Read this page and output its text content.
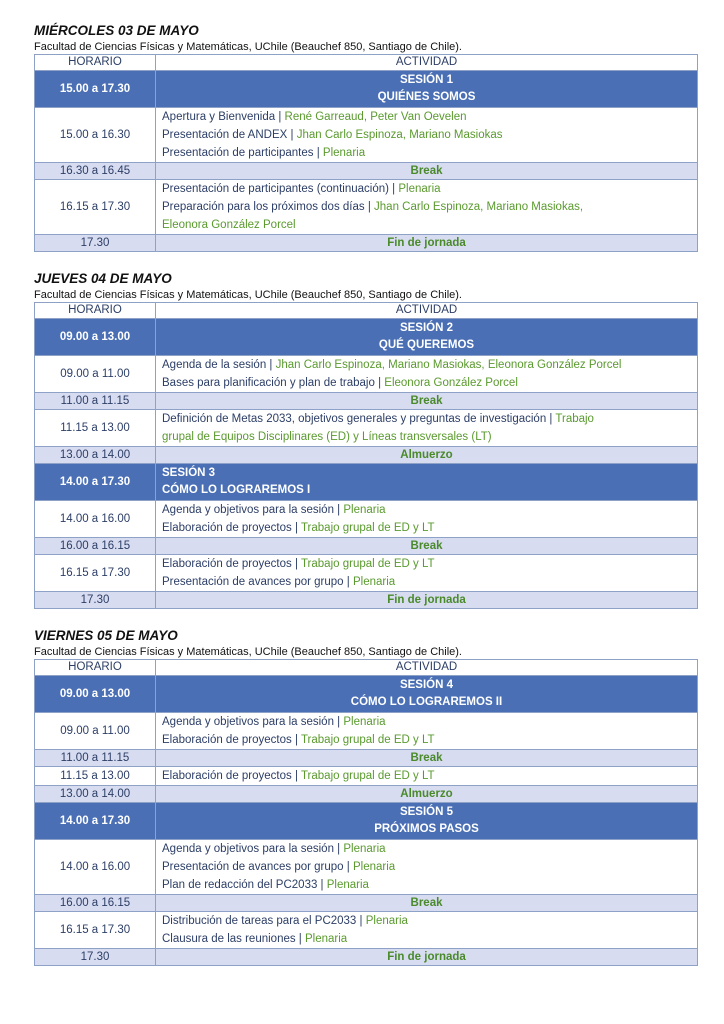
MIÉRCOLES 03 DE MAYO
Facultad de Ciencias Físicas y Matemáticas, UChile (Beauchef 850, Santiago de Chile).
HORARIO	ACTIVIDAD
15.00 a 17.30	SESIÓN 1
QUIÉNES SOMOS

15.00 a 16.30	Apertura y Bienvenida | René Garreaud, Peter Van Oevelen
Presentación de ANDEX | Jhan Carlo Espinoza, Mariano Masiokas
Presentación de participantes | Plenaria

16.30 a 16.45	Break
16.15 a 17.30	Presentación de participantes (continuación) | Plenaria
Preparación para los próximos dos días | Jhan Carlo Espinoza, Mariano Masiokas,
Eleonora González Porcel

17.30	Fin de jornada
JUEVES 04 DE MAYO
Facultad de Ciencias Físicas y Matemáticas, UChile (Beauchef 850, Santiago de Chile).
HORARIO	ACTIVIDAD
09.00 a 13.00	SESIÓN 2
QUÉ QUEREMOS

09.00 a 11.00	Agenda de la sesión | Jhan Carlo Espinoza, Mariano Masiokas, Eleonora González Porcel
Bases para planificación y plan de trabajo | Eleonora González Porcel

11.00 a 11.15	Break
11.15 a 13.00	Definición de Metas 2033, objetivos generales y preguntas de investigación | Trabajo
grupal de Equipos Disciplinares (ED) y Líneas transversales (LT)

13.00 a 14.00	Almuerzo
14.00 a 17.30	SESIÓN 3
CÓMO LO LOGRAREMOS I

14.00 a 16.00	Agenda y objetivos para la sesión | Plenaria
Elaboración de proyectos | Trabajo grupal de ED y LT

16.00 a 16.15	Break
16.15 a 17.30	Elaboración de proyectos | Trabajo grupal de ED y LT
Presentación de avances por grupo | Plenaria

17.30	Fin de jornada
VIERNES 05 DE MAYO
Facultad de Ciencias Físicas y Matemáticas, UChile (Beauchef 850, Santiago de Chile).
HORARIO	ACTIVIDAD
09.00 a 13.00	SESIÓN 4
CÓMO LO LOGRAREMOS II

09.00 a 11.00	Agenda y objetivos para la sesión | Plenaria
Elaboración de proyectos | Trabajo grupal de ED y LT

11.00 a 11.15	Break
11.15 a 13.00	Elaboración de proyectos | Trabajo grupal de ED y LT

13.00 a 14.00	Almuerzo
14.00 a 17.30	SESIÓN 5
PRÓXIMOS PASOS

14.00 a 16.00	Agenda y objetivos para la sesión | Plenaria
Presentación de avances por grupo | Plenaria
Plan de redacción del PC2033 | Plenaria

16.00 a 16.15	Break
16.15 a 17.30	Distribución de tareas para el PC2033 | Plenaria
Clausura de las reuniones | Plenaria

17.30	Fin de jornada
